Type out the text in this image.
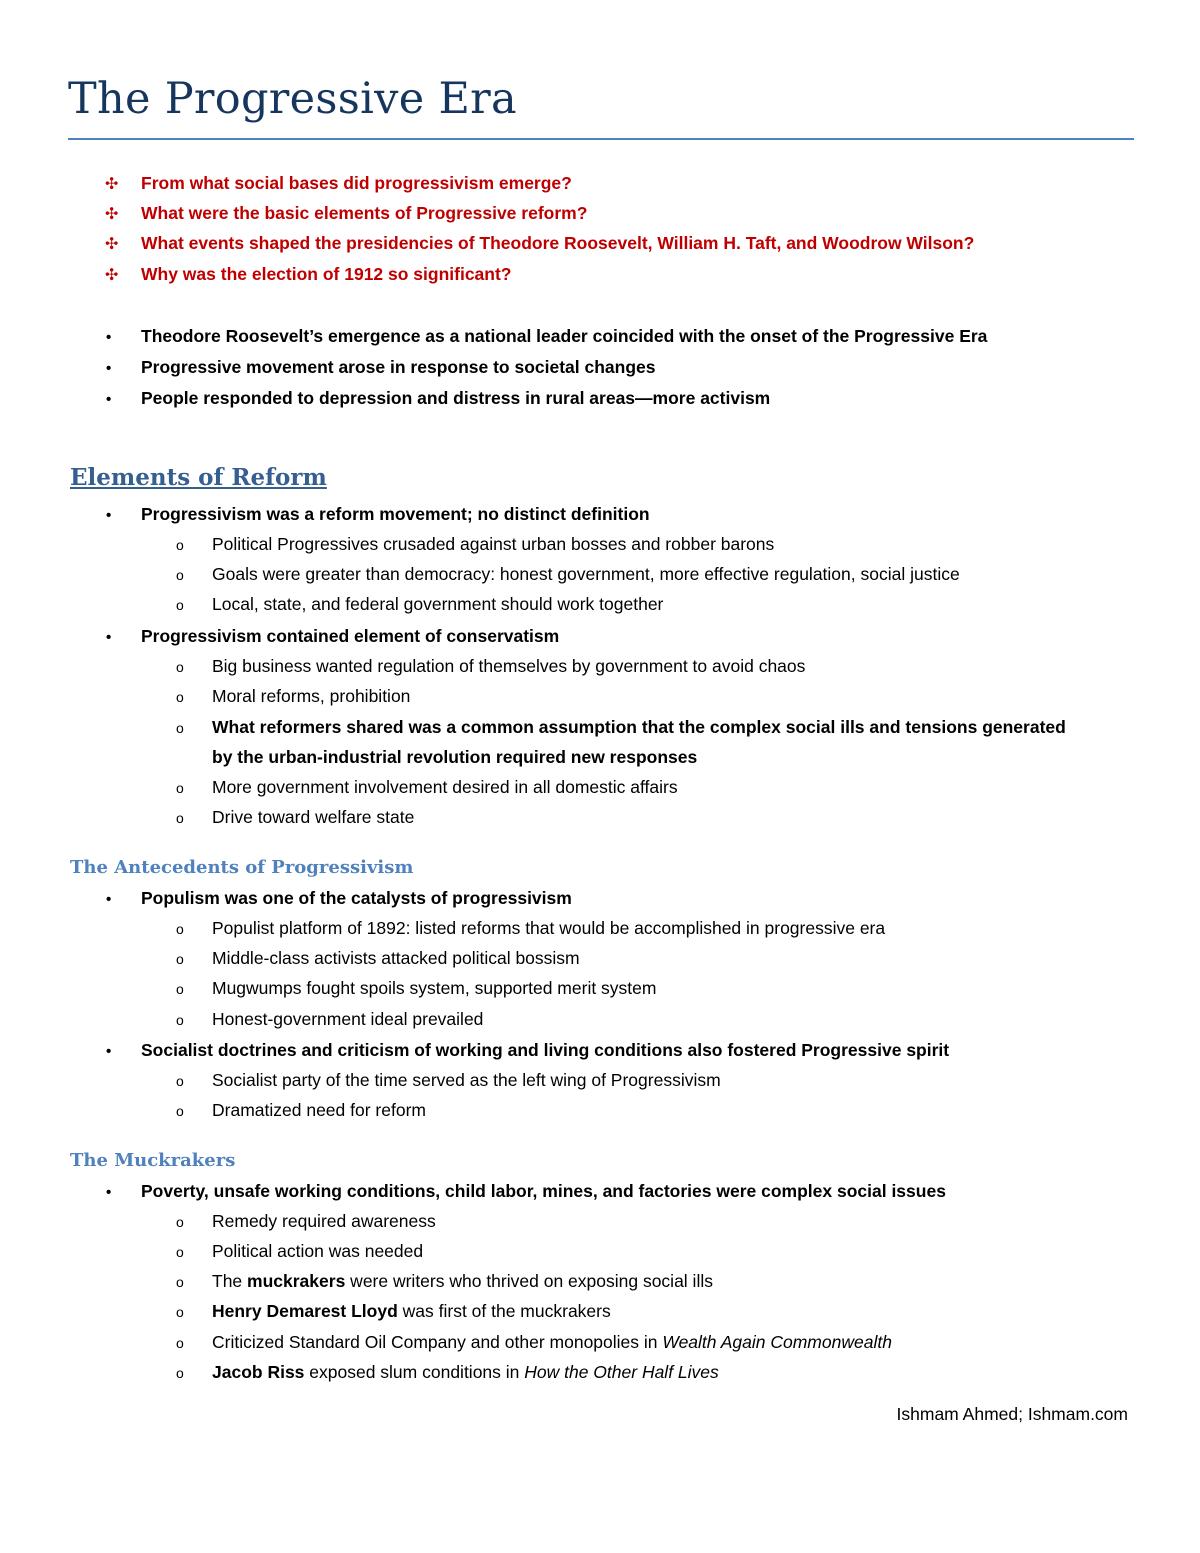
The Progressive Era
✣ From what social bases did progressivism emerge?
✣ What were the basic elements of Progressive reform?
✣ What events shaped the presidencies of Theodore Roosevelt, William H. Taft, and Woodrow Wilson?
✣ Why was the election of 1912 so significant?
• Theodore Roosevelt’s emergence as a national leader coincided with the onset of the Progressive Era
• Progressive movement arose in response to societal changes
• People responded to depression and distress in rural areas—more activism
Elements of Reform
• Progressivism was a reform movement; no distinct definition
o Political Progressives crusaded against urban bosses and robber barons
o Goals were greater than democracy: honest government, more effective regulation, social justice
o Local, state, and federal government should work together
• Progressivism contained element of conservatism
o Big business wanted regulation of themselves by government to avoid chaos
o Moral reforms, prohibition
o What reformers shared was a common assumption that the complex social ills and tensions generated
by the urban-industrial revolution required new responses
o More government involvement desired in all domestic affairs
o Drive toward welfare state
The Antecedents of Progressivism
• Populism was one of the catalysts of progressivism
o Populist platform of 1892: listed reforms that would be accomplished in progressive era
o Middle-class activists attacked political bossism
o Mugwumps fought spoils system, supported merit system
o Honest-government ideal prevailed
• Socialist doctrines and criticism of working and living conditions also fostered Progressive spirit
o Socialist party of the time served as the left wing of Progressivism
o Dramatized need for reform
The Muckrakers
• Poverty, unsafe working conditions, child labor, mines, and factories were complex social issues
o Remedy required awareness
o Political action was needed
o The muckrakers were writers who thrived on exposing social ills
o Henry Demarest Lloyd was first of the muckrakers
o Criticized Standard Oil Company and other monopolies in Wealth Again Commonwealth
o Jacob Riss exposed slum conditions in How the Other Half Lives
Ishmam Ahmed; Ishmam.com
